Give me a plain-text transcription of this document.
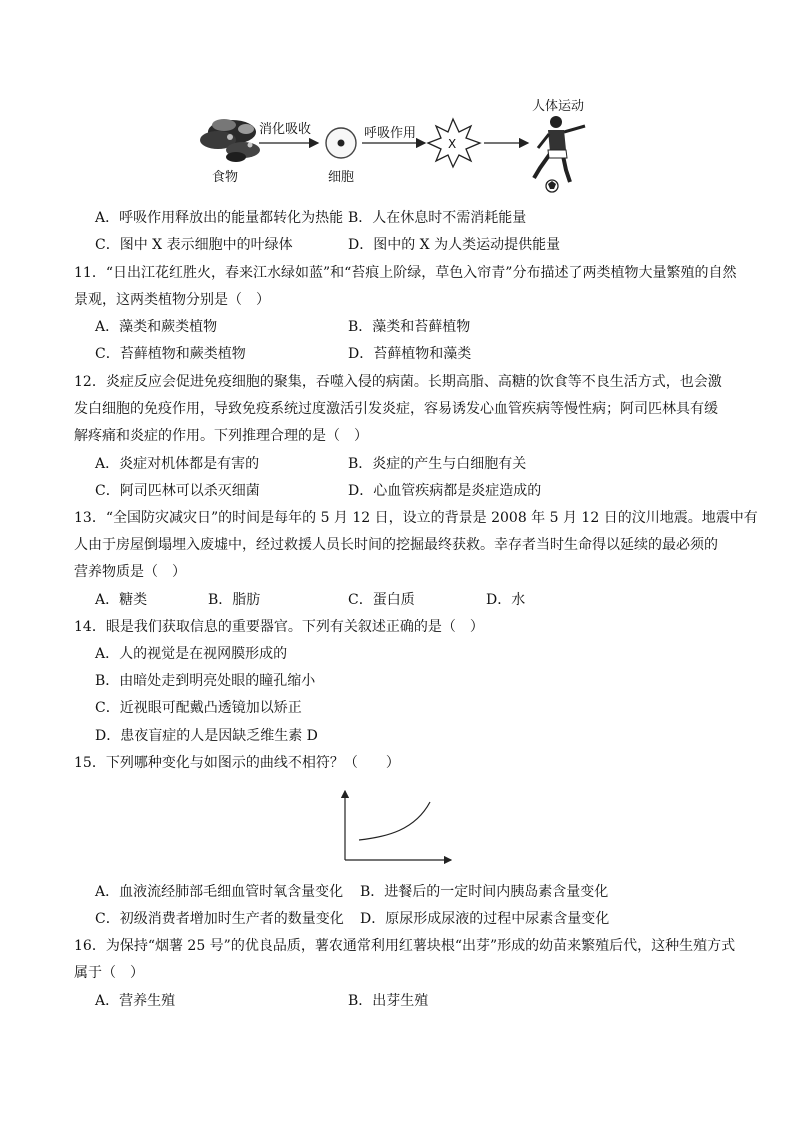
食物
消化吸收
细胞
呼吸作用
X
人体运动
A．呼吸作用释放出的能量都转化为热能 B．人在休息时不需消耗能量
C．图中 X 表示细胞中的叶绿体	D．图中的 X 为人类运动提供能量
11．“日出江花红胜火，春来江水绿如蓝”和“苔痕上阶绿，草色入帘青”分布描述了两类植物大量繁殖的自然
景观，这两类植物分别是（　）
A．藻类和蕨类植物	B．藻类和苔藓植物
C．苔藓植物和蕨类植物	D．苔藓植物和藻类
12．炎症反应会促进免疫细胞的聚集，吞噬入侵的病菌。长期高脂、高糖的饮食等不良生活方式，也会激
发白细胞的免疫作用，导致免疫系统过度激活引发炎症，容易诱发心血管疾病等慢性病；阿司匹林具有缓
解疼痛和炎症的作用。下列推理合理的是（　）
A．炎症对机体都是有害的	B．炎症的产生与白细胞有关
C．阿司匹林可以杀灭细菌	D．心血管疾病都是炎症造成的
13．“全国防灾减灾日”的时间是每年的 5 月 12 日，设立的背景是 2008 年 5 月 12 日的汶川地震。地震中有
人由于房屋倒塌埋入废墟中，经过救援人员长时间的挖掘最终获救。幸存者当时生命得以延续的最必须的
营养物质是（　）
A．糖类	B．脂肪	C．蛋白质	D．水
14．眼是我们获取信息的重要器官。下列有关叙述正确的是（　）
A．人的视觉是在视网膜形成的
B．由暗处走到明亮处眼的瞳孔缩小
C．近视眼可配戴凸透镜加以矫正
D．患夜盲症的人是因缺乏维生素 D
15．下列哪种变化与如图示的曲线不相符？（　　）
A．血液流经肺部毛细血管时氧含量变化 B．进餐后的一定时间内胰岛素含量变化
C．初级消费者增加时生产者的数量变化 D．原尿形成尿液的过程中尿素含量变化
16．为保持“烟薯 25 号”的优良品质，薯农通常利用红薯块根“出芽”形成的幼苗来繁殖后代，这种生殖方式
属于（　）
A．营养生殖	B．出芽生殖
